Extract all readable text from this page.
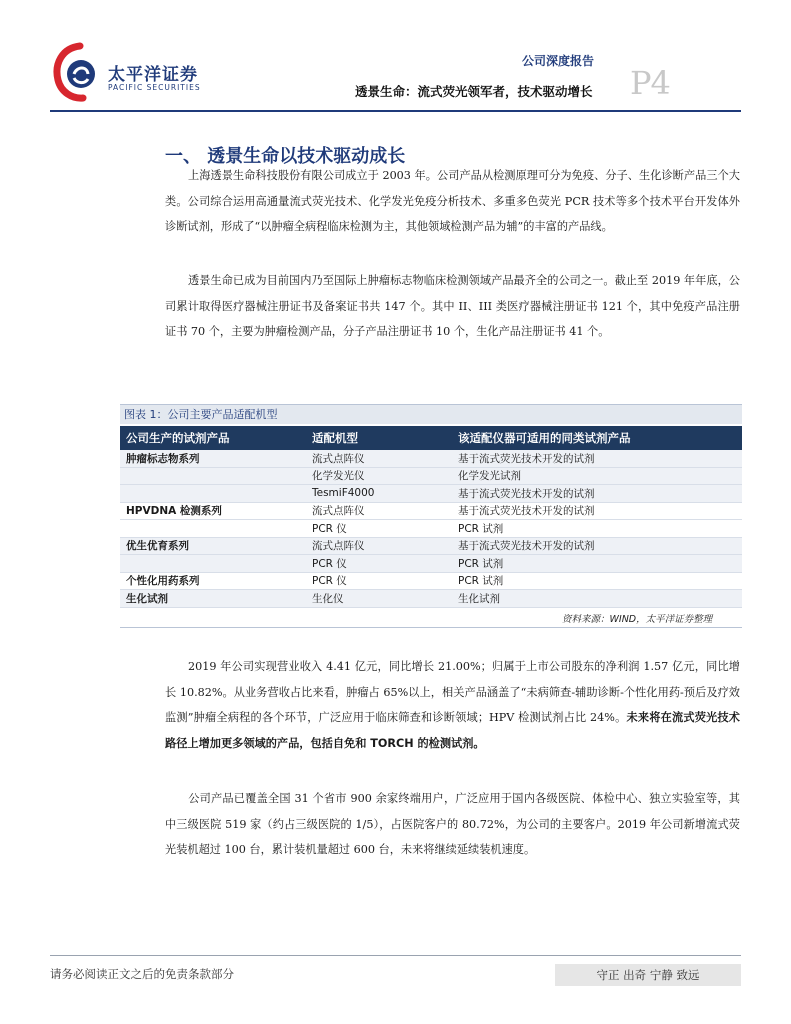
太平洋证券
PACIFIC SECURITIES
公司深度报告
透景生命：流式荧光领军者，技术驱动增长 P4
一、 透景生命以技术驱动成长

上海透景生命科技股份有限公司成立于 2003 年。公司产品从检测原理可分为免疫、分子、生化诊断产品三个大类。公司综合运用高通量流式荧光技术、化学发光免疫分析技术、多重多色荧光 PCR 技术等多个技术平台开发体外诊断试剂，形成了“以肿瘤全病程临床检测为主，其他领域检测产品为辅”的丰富的产品线。

透景生命已成为目前国内乃至国际上肿瘤标志物临床检测领域产品最齐全的公司之一。截止至 2019 年年底，公司累计取得医疗器械注册证书及备案证书共 147 个。其中 II、III 类医疗器械注册证书 121 个，其中免疫产品注册证书 70 个，主要为肿瘤检测产品，分子产品注册证书 10 个，生化产品注册证书 41 个。

图表 1：公司主要产品适配机型
公司生产的试剂产品	适配机型	该适配仪器可适用的同类试剂产品
肿瘤标志物系列	流式点阵仪	基于流式荧光技术开发的试剂
	化学发光仪	化学发光试剂
	TesmiF4000	基于流式荧光技术开发的试剂
HPVDNA 检测系列	流式点阵仪	基于流式荧光技术开发的试剂
	PCR 仪	PCR 试剂
优生优育系列	流式点阵仪	基于流式荧光技术开发的试剂
	PCR 仪	PCR 试剂
个性化用药系列	PCR 仪	PCR 试剂
生化试剂	生化仪	生化试剂
资料来源：WIND，太平洋证券整理

2019 年公司实现营业收入 4.41 亿元，同比增长 21.00%；归属于上市公司股东的净利润 1.57 亿元，同比增长 10.82%。从业务营收占比来看，肿瘤占 65%以上，相关产品涵盖了“未病筛查-辅助诊断-个性化用药-预后及疗效监测”肿瘤全病程的各个环节，广泛应用于临床筛查和诊断领域；HPV 检测试剂占比 24%。未来将在流式荧光技术路径上增加更多领域的产品，包括自免和 TORCH 的检测试剂。

公司产品已覆盖全国 31 个省市 900 余家终端用户，广泛应用于国内各级医院、体检中心、独立实验室等，其中三级医院 519 家（约占三级医院的 1/5），占医院客户的 80.72%，为公司的主要客户。2019 年公司新增流式荧光装机超过 100 台，累计装机量超过 600 台，未来将继续延续装机速度。

请务必阅读正文之后的免责条款部分	守正 出奇 宁静 致远
